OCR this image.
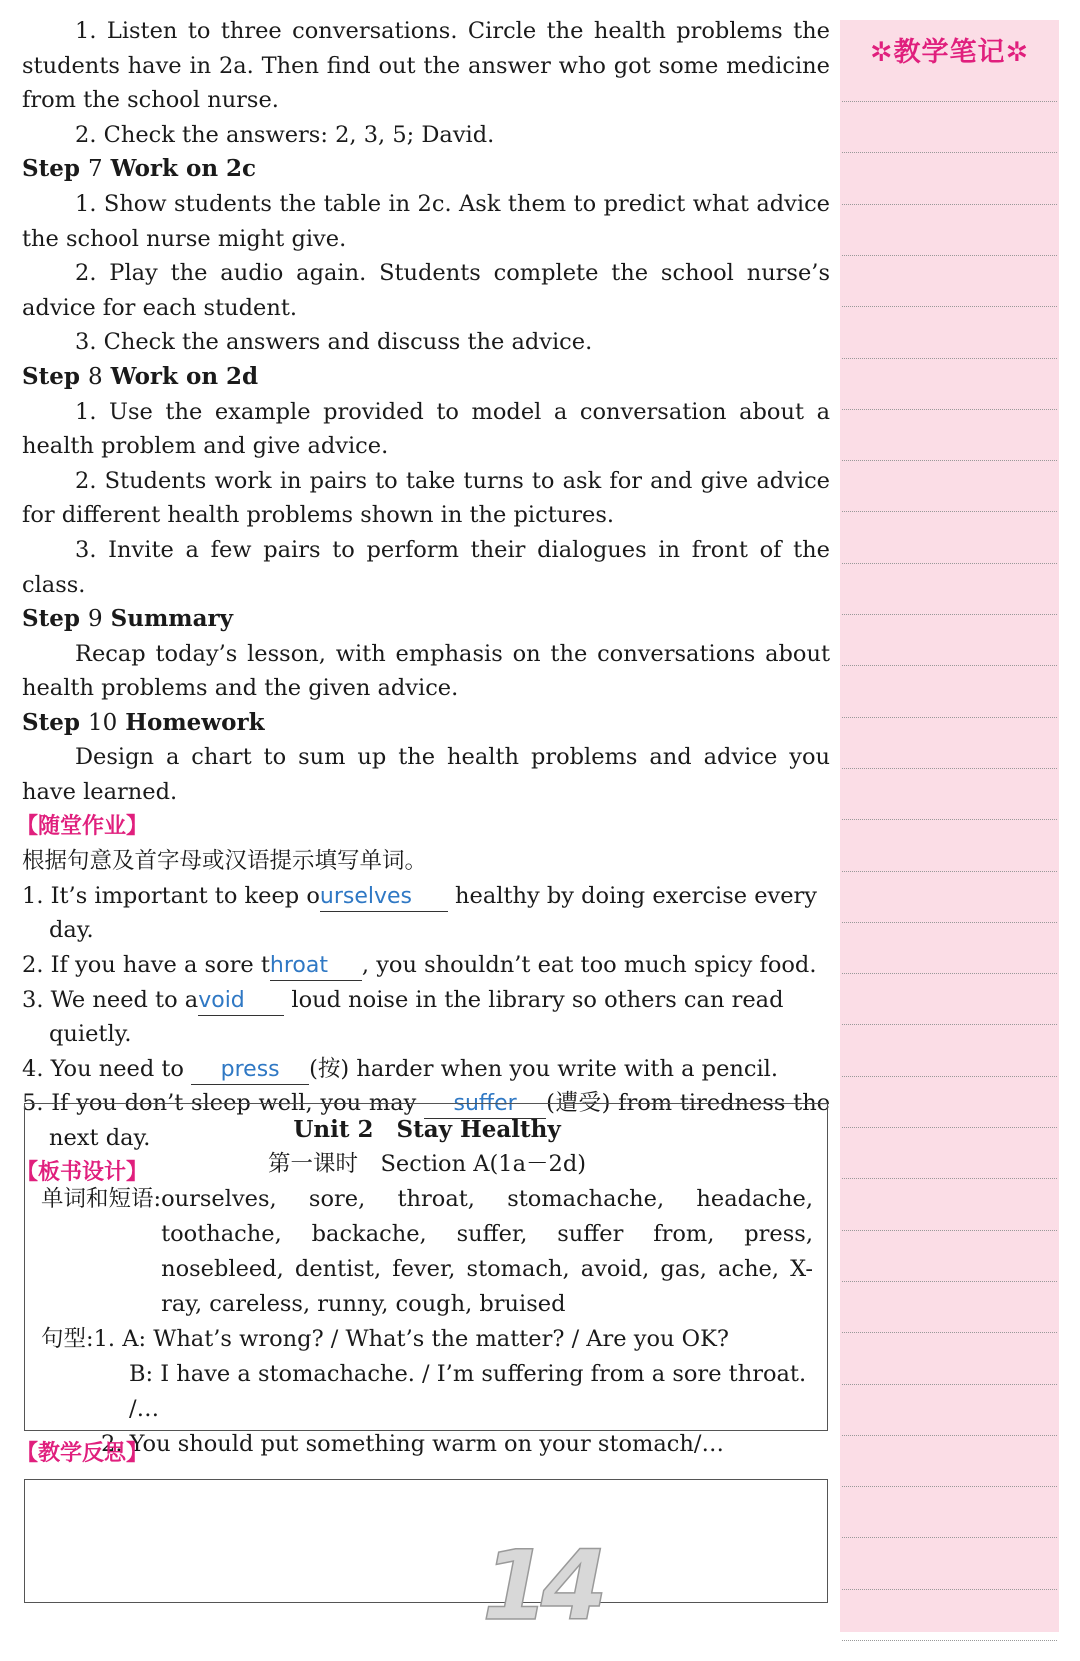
1. Listen to three conversations. Circle the health problems the students have in 2a. Then find out the answer who got some medicine from the school nurse.

2. Check the answers: 2, 3, 5; David.

Step 7 Work on 2c

1. Show students the table in 2c. Ask them to predict what advice the school nurse might give.

2. Play the audio again. Students complete the school nurse’s advice for each student.

3. Check the answers and discuss the advice.

Step 8 Work on 2d

1. Use the example provided to model a conversation about a health problem and give advice.

2. Students work in pairs to take turns to ask for and give advice for different health problems shown in the pictures.

3. Invite a few pairs to perform their dialogues in front of the class.

Step 9 Summary

Recap today’s lesson, with emphasis on the conversations about health problems and the given advice.

Step 10 Homework

Design a chart to sum up the health problems and advice you have learned.

【随堂作业】

根据句意及首字母或汉语提示填写单词。

1. It’s important to keep ourselves healthy by doing exercise every day.

2. If you have a sore throat , you shouldn’t eat too much spicy food.

3. We need to avoid loud noise in the library so others can read quietly.

4. You need to press (按) harder when you write with a pencil.

5. If you don’t sleep well, you may suffer (遭受) from tiredness the next day.

【板书设计】

Unit 2　Stay Healthy

第一课时　Section A(1a－2d)

单词和短语: ourselves, sore, throat, stomachache, headache, toothache, backache, suffer, suffer from, press, nosebleed, dentist, fever, stomach, avoid, gas, ache, X-ray, careless, runny, cough, bruised

句型:1. A: What’s wrong? / What’s the matter? / Are you OK?

B: I have a stomachache. / I’m suffering from a sore throat. /…

2. You should put something warm on your stomach/…

【教学反思】

14
✲教学笔记✲
